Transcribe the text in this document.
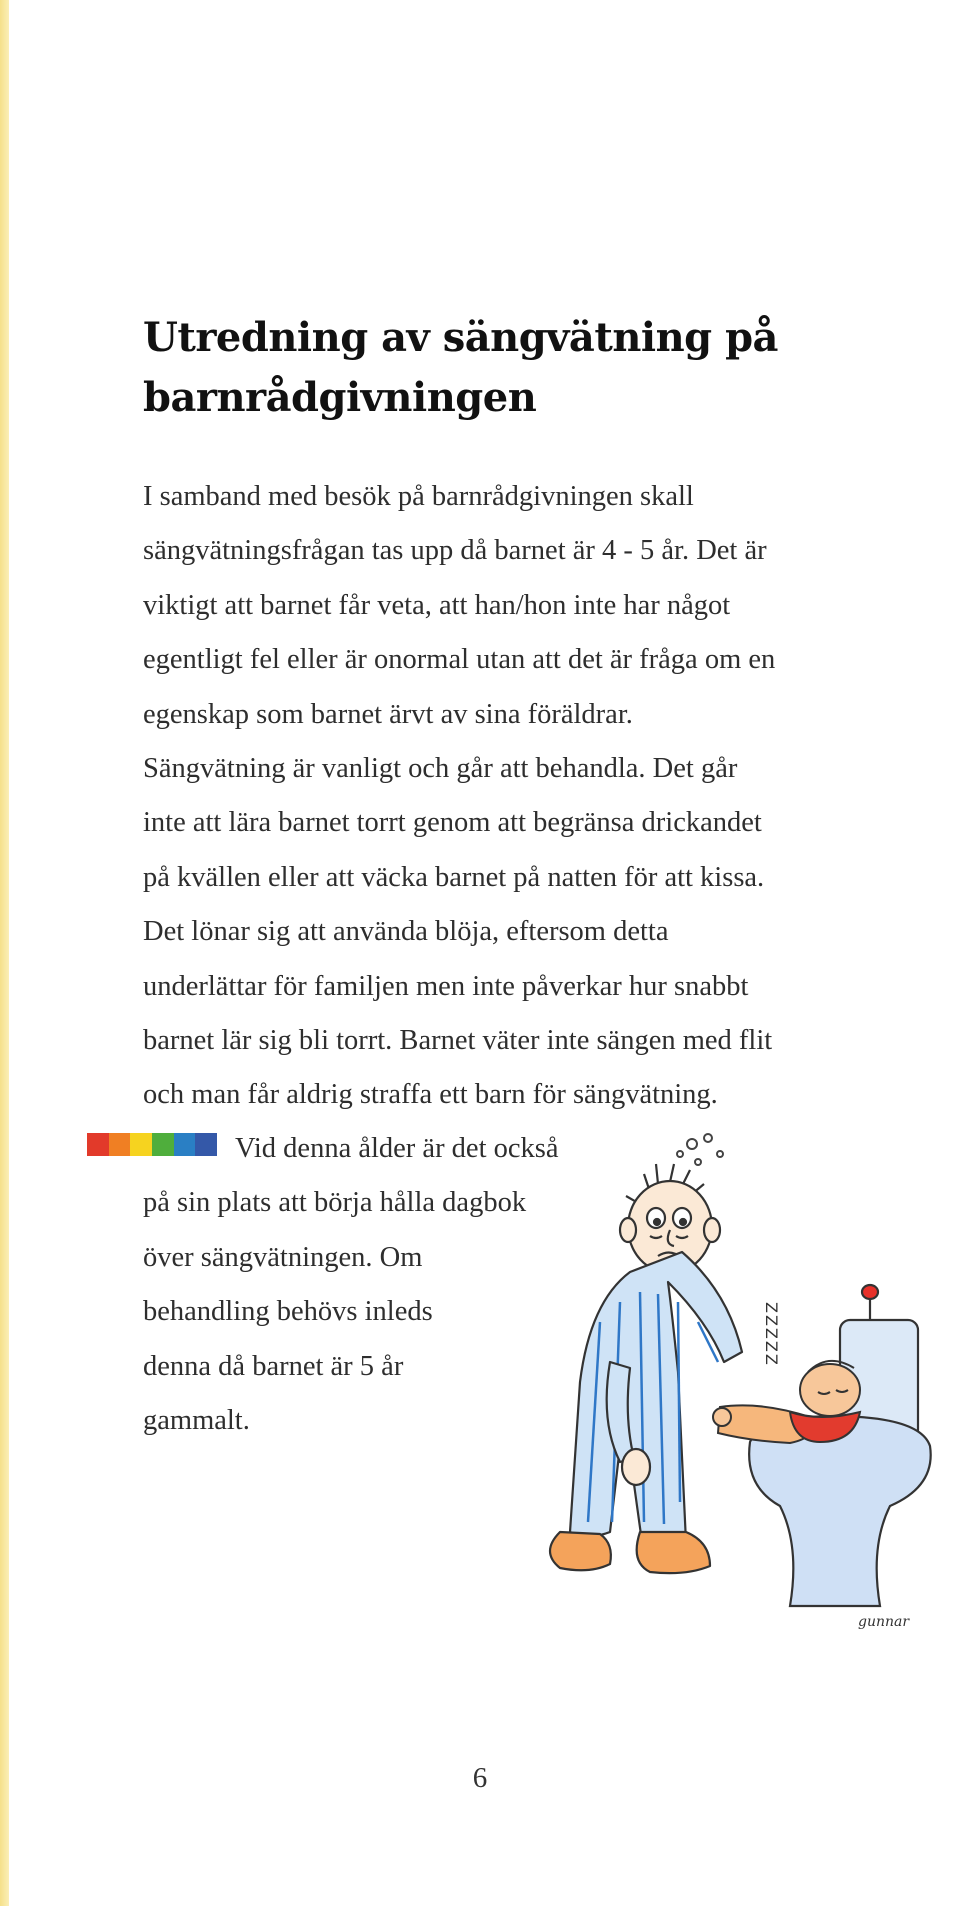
Utredning av sängvätning på
barnrådgivningen
I samband med besök på barnrådgivningen skall
sängvätningsfrågan tas upp då barnet är 4 - 5 år. Det är
viktigt att barnet får veta, att han/hon inte har något
egentligt fel eller är onormal utan att det är fråga om en
egenskap som barnet ärvt av sina föräldrar.
Sängvätning är vanligt och går att behandla. Det går
inte att lära barnet torrt genom att begränsa drickandet
på kvällen eller att väcka barnet på natten för att kissa.
Det lönar sig att använda blöja, eftersom detta
underlättar för familjen men inte påverkar hur snabbt
barnet lär sig bli torrt. Barnet väter inte sängen med flit
och man får aldrig straffa ett barn för sängvätning.
Vid denna ålder är det också
på sin plats att börja hålla dagbok
över sängvätningen. Om
behandling behövs inleds
denna då barnet är 5 år
gammalt.
ZZZZZ
gunnar
6
